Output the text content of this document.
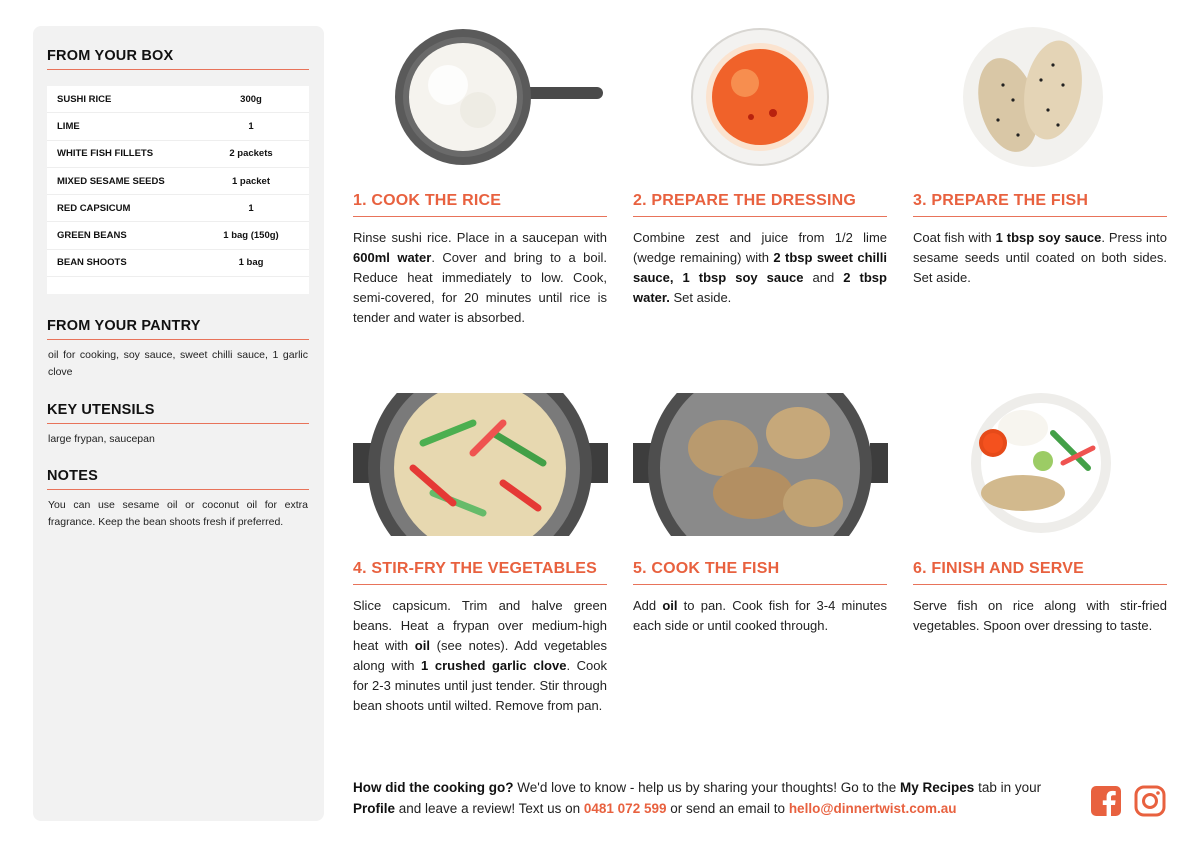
FROM YOUR BOX
SUSHI RICE	300g
LIME	1
WHITE FISH FILLETS	2 packets
MIXED SESAME SEEDS	1 packet
RED CAPSICUM	1
GREEN BEANS	1 bag (150g)
BEAN SHOOTS	1 bag
FROM YOUR PANTRY
oil for cooking, soy sauce, sweet chilli sauce, 1 garlic clove
KEY UTENSILS
large frypan, saucepan
NOTES
You can use sesame oil or coconut oil for extra fragrance. Keep the bean shoots fresh if preferred.
1. COOK THE RICE
Rinse sushi rice. Place in a saucepan with 600ml water. Cover and bring to a boil. Reduce heat immediately to low. Cook, semi-covered, for 20 minutes until rice is tender and water is absorbed.
2. PREPARE THE DRESSING
Combine zest and juice from 1/2 lime (wedge remaining) with 2 tbsp sweet chilli sauce, 1 tbsp soy sauce and 2 tbsp water. Set aside.
3. PREPARE THE FISH
Coat fish with 1 tbsp soy sauce. Press into sesame seeds until coated on both sides. Set aside.
4. STIR-FRY THE VEGETABLES
Slice capsicum. Trim and halve green beans. Heat a frypan over medium-high heat with oil (see notes). Add vegetables along with 1 crushed garlic clove. Cook for 2-3 minutes until just tender. Stir through bean shoots until wilted. Remove from pan.
5. COOK THE FISH
Add oil to pan. Cook fish for 3-4 minutes each side or until cooked through.
6. FINISH AND SERVE
Serve fish on rice along with stir-fried vegetables. Spoon over dressing to taste.
How did the cooking go? We'd love to know - help us by sharing your thoughts! Go to the My Recipes tab in your Profile and leave a review! Text us on 0481 072 599 or send an email to hello@dinnertwist.com.au
